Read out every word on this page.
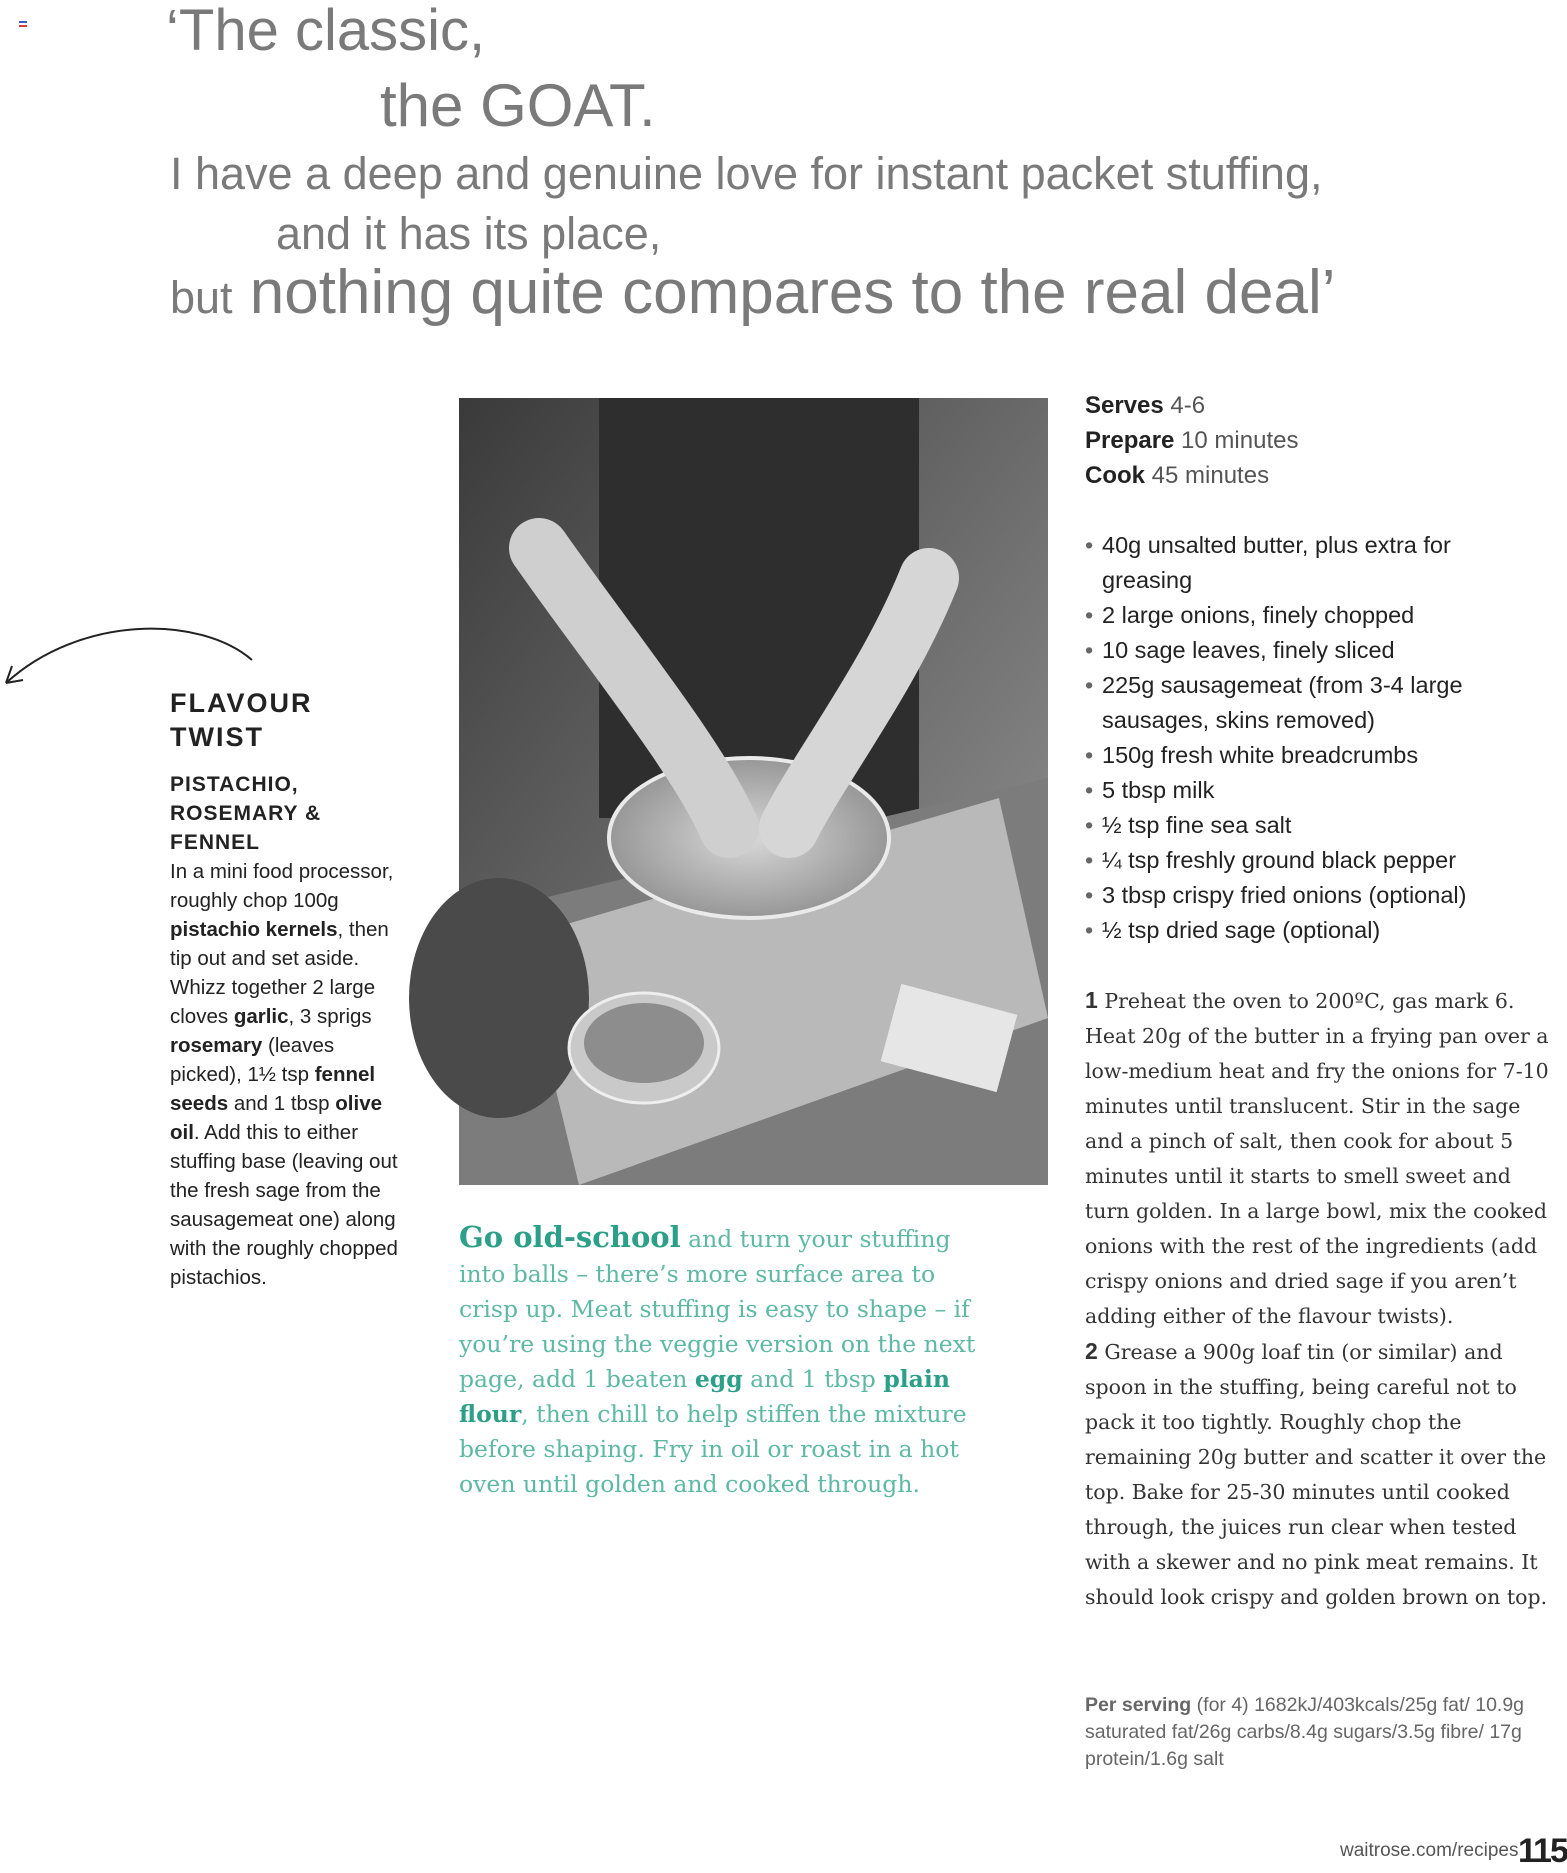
‘The classic,
the GOAT.
I have a deep and genuine love for instant packet stuffing,
and it has its place,
but nothing quite compares to the real deal’
FLAVOUR TWIST
PISTACHIO, ROSEMARY & FENNEL
In a mini food processor, roughly chop 100g pistachio kernels, then tip out and set aside. Whizz together 2 large cloves garlic, 3 sprigs rosemary (leaves picked), 1½ tsp fennel seeds and 1 tbsp olive oil. Add this to either stuffing base (leaving out the fresh sage from the sausagemeat one) along with the roughly chopped pistachios.
Go old-school and turn your stuffing into balls – there’s more surface area to crisp up. Meat stuffing is easy to shape – if you’re using the veggie version on the next page, add 1 beaten egg and 1 tbsp plain flour, then chill to help stiffen the mixture before shaping. Fry in oil or roast in a hot oven until golden and cooked through.
Serves 4-6
Prepare 10 minutes
Cook 45 minutes
• 40g unsalted butter, plus extra for greasing
• 2 large onions, finely chopped
• 10 sage leaves, finely sliced
• 225g sausagemeat (from 3-4 large sausages, skins removed)
• 150g fresh white breadcrumbs
• 5 tbsp milk
• ½ tsp fine sea salt
• ¼ tsp freshly ground black pepper
• 3 tbsp crispy fried onions (optional)
• ½ tsp dried sage (optional)

1 Preheat the oven to 200ºC, gas mark 6. Heat 20g of the butter in a frying pan over a low-medium heat and fry the onions for 7-10 minutes until translucent. Stir in the sage and a pinch of salt, then cook for about 5 minutes until it starts to smell sweet and turn golden. In a large bowl, mix the cooked onions with the rest of the ingredients (add crispy onions and dried sage if you aren’t adding either of the flavour twists).

2 Grease a 900g loaf tin (or similar) and spoon in the stuffing, being careful not to pack it too tightly. Roughly chop the remaining 20g butter and scatter it over the top. Bake for 25-30 minutes until cooked through, the juices run clear when tested with a skewer and no pink meat remains. It should look crispy and golden brown on top.

Per serving (for 4) 1682kJ/403kcals/25g fat/ 10.9g saturated fat/26g carbs/8.4g sugars/3.5g fibre/ 17g protein/1.6g salt
waitrose.com/recipes 115
